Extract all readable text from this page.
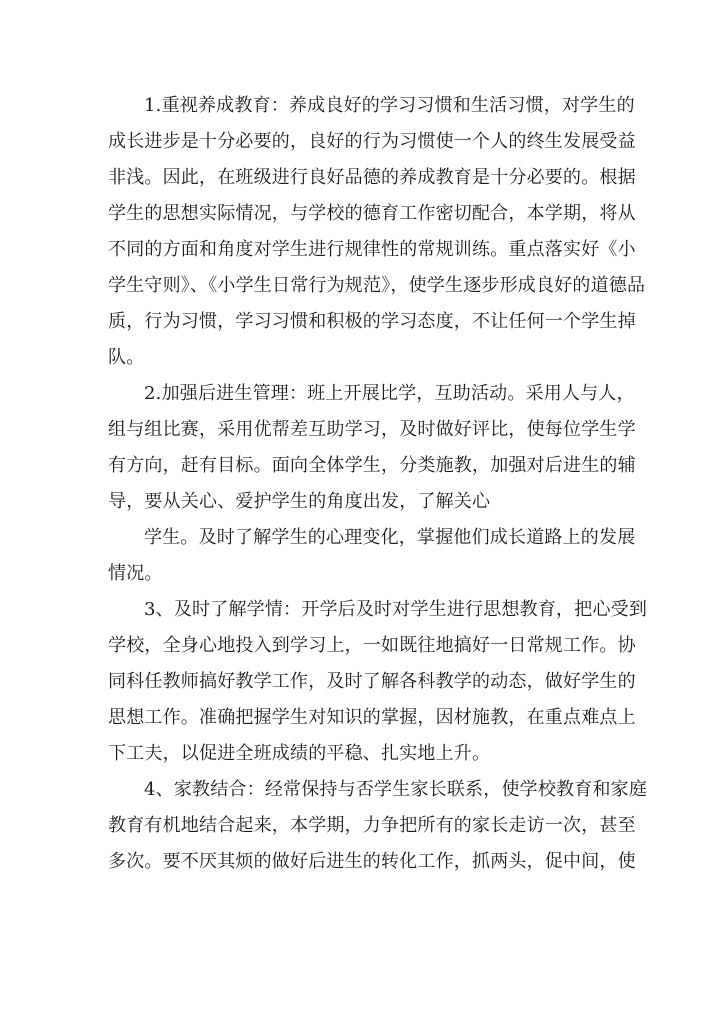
1.重视养成教育：养成良好的学习习惯和生活习惯，对学生的
成长进步是十分必要的，良好的行为习惯使一个人的终生发展受益
非浅。因此，在班级进行良好品德的养成教育是十分必要的。根据
学生的思想实际情况，与学校的德育工作密切配合，本学期，将从
不同的方面和角度对学生进行规律性的常规训练。重点落实好《小
学生守则》、《小学生日常行为规范》，使学生逐步形成良好的道德品
质，行为习惯，学习习惯和积极的学习态度，不让任何一个学生掉
队。
2.加强后进生管理：班上开展比学，互助活动。采用人与人，
组与组比赛，采用优帮差互助学习，及时做好评比，使每位学生学
有方向，赶有目标。面向全体学生，分类施教，加强对后进生的辅
导，要从关心、爱护学生的角度出发，了解关心
学生。及时了解学生的心理变化，掌握他们成长道路上的发展
情况。
3、及时了解学情：开学后及时对学生进行思想教育，把心受到
学校，全身心地投入到学习上，一如既往地搞好一日常规工作。协
同科任教师搞好教学工作，及时了解各科教学的动态，做好学生的
思想工作。准确把握学生对知识的掌握，因材施教，在重点难点上
下工夫，以促进全班成绩的平稳、扎实地上升。
4、家教结合：经常保持与否学生家长联系，使学校教育和家庭
教育有机地结合起来，本学期，力争把所有的家长走访一次，甚至
多次。要不厌其烦的做好后进生的转化工作，抓两头，促中间，使
